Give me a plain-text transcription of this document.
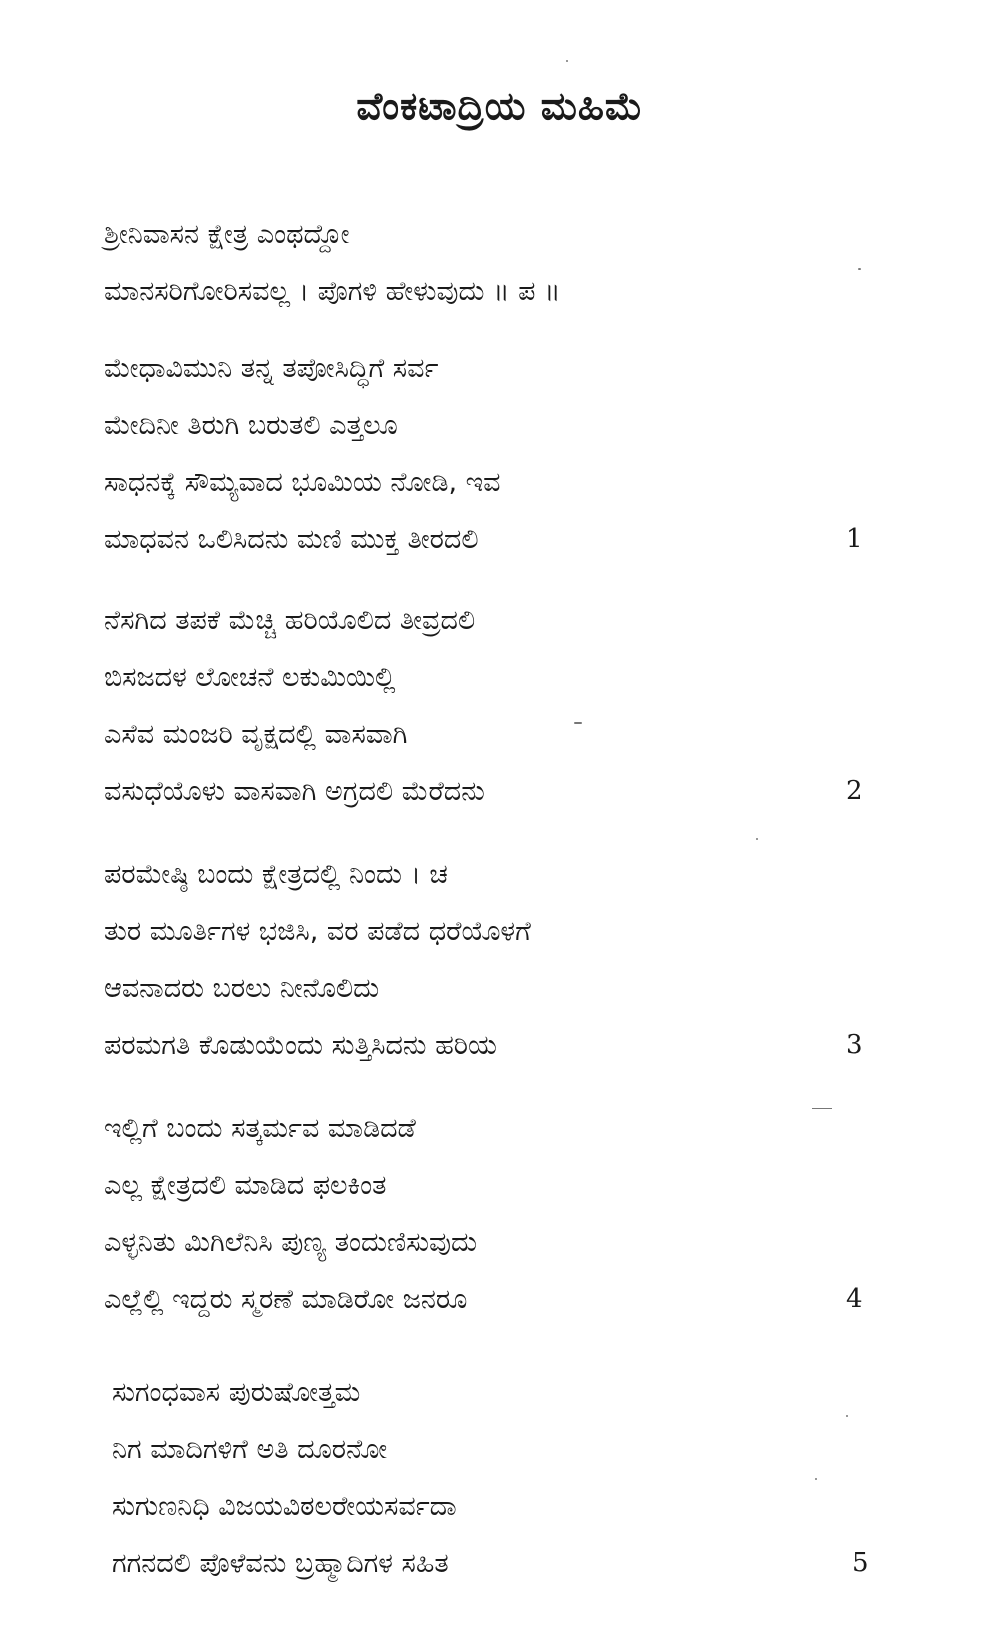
ವೆಂಕಟಾದ್ರಿಯ ಮಹಿಮೆ
ಶ್ರೀನಿವಾಸನ ಕ್ಷೇತ್ರ ಎಂಥದ್ದೋ
ಮಾನಸರಿಗೋರಿಸವಲ್ಲ । ಪೊಗಳಿ ಹೇಳುವುದು ॥ ಪ ॥
ಮೇಧಾವಿಮುನಿ ತನ್ನ ತಪೋಸಿದ್ಧಿಗೆ ಸರ್ವ
ಮೇದಿನೀ ತಿರುಗಿ ಬರುತಲಿ ಎತ್ತಲೂ
ಸಾಧನಕ್ಕೆ ಸೌಮ್ಯವಾದ ಭೂಮಿಯ ನೋಡಿ, ಇವ
ಮಾಧವನ ಒಲಿಸಿದನು ಮಣಿ ಮುಕ್ತ ತೀರದಲಿ	1
ನೆಸಗಿದ ತಪಕೆ ಮೆಚ್ಚಿ ಹರಿಯೊಲಿದ ತೀವ್ರದಲಿ
ಬಿಸಜದಳ ಲೋಚನೆ ಲಕುಮಿಯಿಲ್ಲಿ
ಎಸೆವ ಮಂಜರಿ ವೃಕ್ಷದಲ್ಲಿ ವಾಸವಾಗಿ
ವಸುಧೆಯೊಳು ವಾಸವಾಗಿ ಅಗ್ರದಲಿ ಮೆರೆದನು	2
ಪರಮೇಷ್ಠಿ ಬಂದು ಕ್ಷೇತ್ರದಲ್ಲಿ ನಿಂದು । ಚ
ತುರ ಮೂರ್ತಿಗಳ ಭಜಿಸಿ, ವರ ಪಡೆದ ಧರೆಯೊಳಗೆ
ಆವನಾದರು ಬರಲು ನೀನೊಲಿದು
ಪರಮಗತಿ ಕೊಡುಯೆಂದು ಸುತ್ತಿಸಿದನು ಹರಿಯ	3
ಇಲ್ಲಿಗೆ ಬಂದು ಸತ್ಕರ್ಮವ ಮಾಡಿದಡೆ
ಎಲ್ಲ ಕ್ಷೇತ್ರದಲಿ ಮಾಡಿದ ಫಲಕಿಂತ
ಎಳ್ಳನಿತು ಮಿಗಿಲೆನಿಸಿ ಪುಣ್ಯ ತಂದುಣಿಸುವುದು
ಎಲ್ಲೆಲ್ಲಿ ಇದ್ದರು ಸ್ಮರಣೆ ಮಾಡಿರೋ ಜನರೂ	4
ಸುಗಂಧವಾಸ ಪುರುಷೋತ್ತಮ
ನಿಗ ಮಾದಿಗಳಿಗೆ ಅತಿ ದೂರನೋ
ಸುಗುಣನಿಧಿ ವಿಜಯವಿಠಲರೇಯಸರ್ವದಾ
ಗಗನದಲಿ ಪೊಳೆವನು ಬ್ರಹ್ಮಾದಿಗಳ ಸಹಿತ	5
